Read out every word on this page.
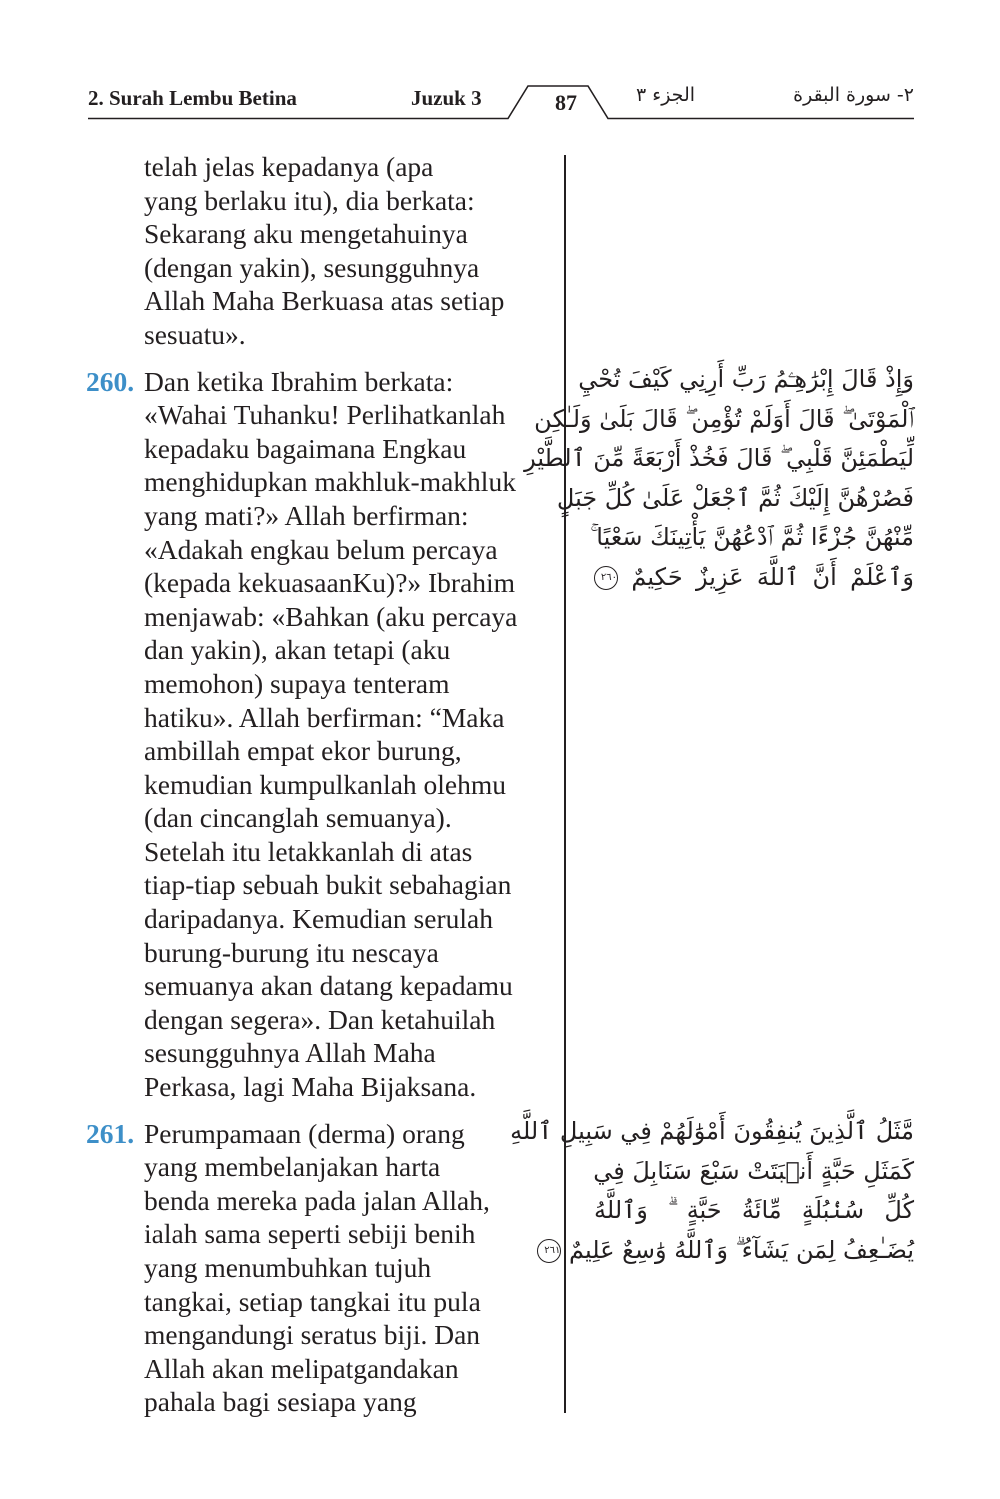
2. Surah Lembu Betina	Juzuk 3	87	الجزء ٣	٢- سورة البقرة

telah jelas kepadanya (apa
yang berlaku itu), dia berkata:
Sekarang aku mengetahuinya
(dengan yakin), sesungguhnya
Allah Maha Berkuasa atas setiap
sesuatu».

260. Dan ketika Ibrahim berkata:
«Wahai Tuhanku! Perlihatkanlah
kepadaku bagaimana Engkau
menghidupkan makhluk-makhluk
yang mati?» Allah berfirman:
«Adakah engkau belum percaya
(kepada kekuasaanKu)?» Ibrahim
menjawab: «Bahkan (aku percaya
dan yakin), akan tetapi (aku
memohon) supaya tenteram
hatiku». Allah berfirman: “Maka
ambillah empat ekor burung,
kemudian kumpulkanlah olehmu
(dan cincanglah semuanya).
Setelah itu letakkanlah di atas
tiap-tiap sebuah bukit sebahagian
daripadanya. Kemudian serulah
burung-burung itu nescaya
semuanya akan datang kepadamu
dengan segera». Dan ketahuilah
sesungguhnya Allah Maha
Perkasa, lagi Maha Bijaksana.

261. Perumpamaan (derma) orang
yang membelanjakan harta
benda mereka pada jalan Allah,
ialah sama seperti sebiji benih
yang menumbuhkan tujuh
tangkai, setiap tangkai itu pula
mengandungi seratus biji. Dan
Allah akan melipatgandakan
pahala bagi sesiapa yang

وَإِذْ قَالَ إِبْرَٰهِـۧمُ رَبِّ أَرِنِي كَيْفَ تُحْيِ
ٱلْمَوْتَىٰ ۖ قَالَ أَوَلَمْ تُؤْمِن ۖ قَالَ بَلَىٰ وَلَـٰكِن
لِّيَطْمَئِنَّ قَلْبِي ۖ قَالَ فَخُذْ أَرْبَعَةً مِّنَ ٱلطَّيْرِ
فَصُرْهُنَّ إِلَيْكَ ثُمَّ ٱجْعَلْ عَلَىٰ كُلِّ جَبَلٍ
مِّنْهُنَّ جُزْءًا ثُمَّ ٱدْعُهُنَّ يَأْتِينَكَ سَعْيًا ۚ
وَٱعْلَمْ أَنَّ ٱللَّهَ عَزِيزٌ حَكِيمٌ ٢٦٠
مَّثَلُ ٱلَّذِينَ يُنفِقُونَ أَمْوَٰلَهُمْ فِي سَبِيلِ ٱللَّهِ
كَمَثَلِ حَبَّةٍ أَنۢبَتَتْ سَبْعَ سَنَابِلَ فِي
كُلِّ سُنۢبُلَةٍ مِّائَةُ حَبَّةٍ ۗ وَٱللَّهُ
يُضَـٰعِفُ لِمَن يَشَآءُ ۗ وَٱللَّهُ وَٰسِعٌ عَلِيمٌ ٢٦١
